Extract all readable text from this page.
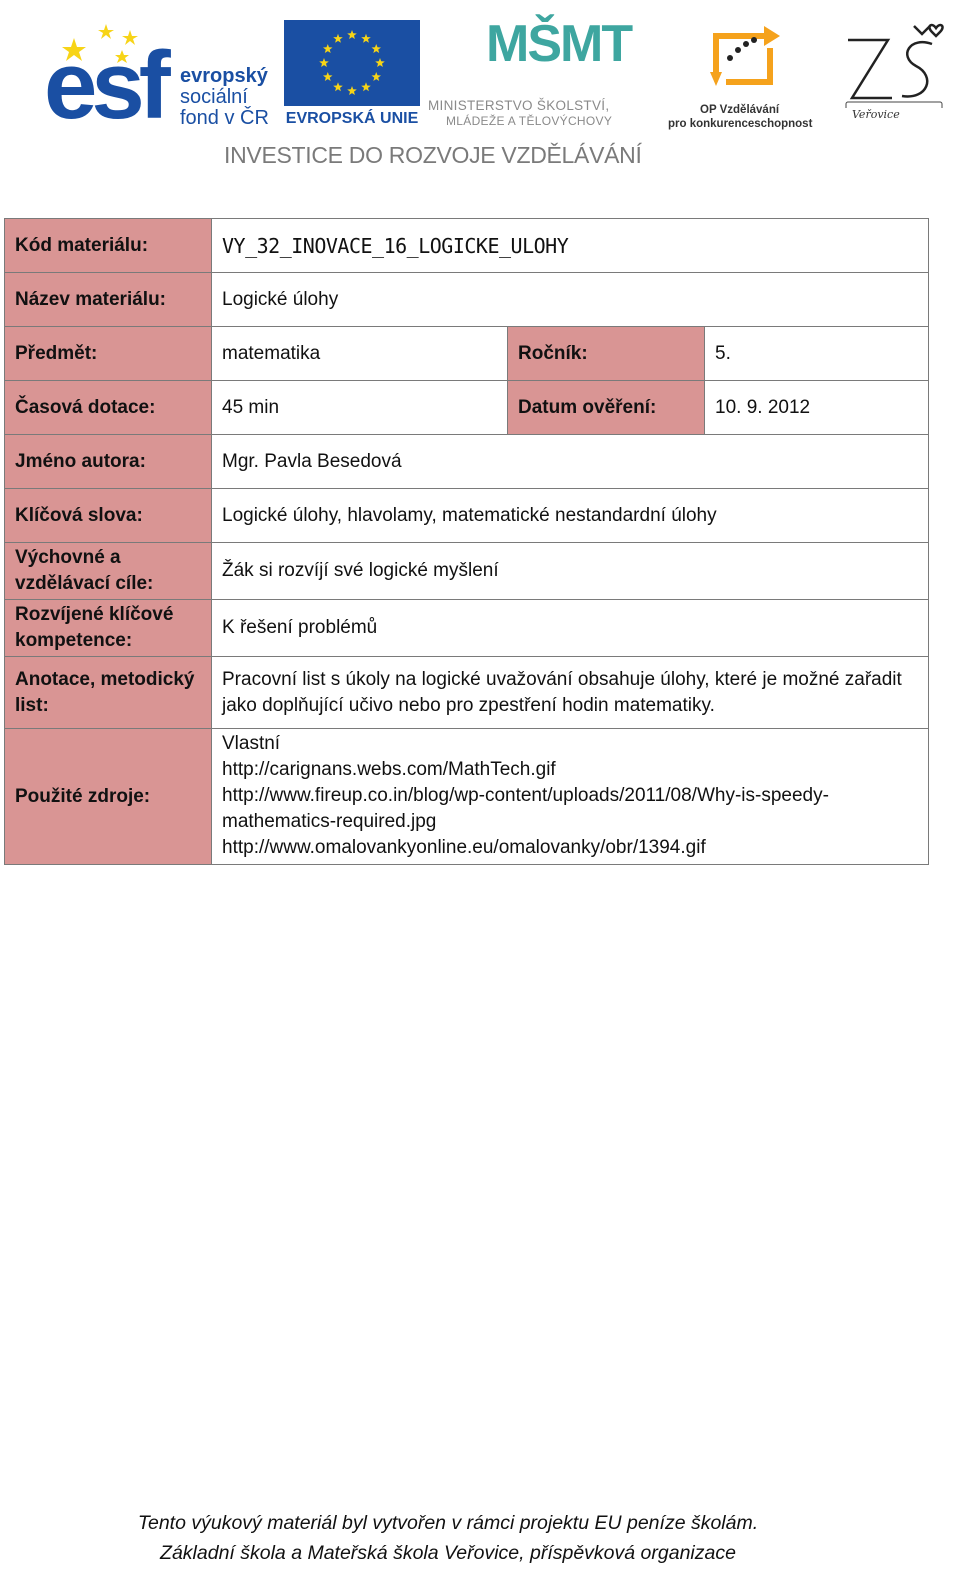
esf evropský
sociální
fond v ČR EVROPSKÁ UNIE
MŠMT
MINISTERSTVO ŠKOLSTVÍ,
MLÁDEŽE A TĚLOVÝCHOVY
OP Vzdělávání
pro konkurenceschopnost
Veřovice
INVESTICE DO ROZVOJE VZDĚLÁVÁNÍ
Kód materiálu:	VY_32_INOVACE_16_LOGICKE_ULOHY		
Název materiálu:	Logické úlohy		
Předmět:	matematika	Ročník:	5.
Časová dotace:	45 min	Datum ověření:	10. 9. 2012
Jméno autora:	Mgr. Pavla Besedová		
Klíčová slova:	Logické úlohy, hlavolamy, matematické nestandardní úlohy		
Výchovné a vzdělávací cíle:	Žák si rozvíjí své logické myšlení		
Rozvíjené klíčové kompetence:	K řešení problémů		
Anotace, metodický list:	Pracovní list s úkoly na logické uvažování obsahuje úlohy, které je možné zařadit jako doplňující učivo nebo pro zpestření hodin matematiky.		
Použité zdroje:	Vlastní
http://carignans.webs.com/MathTech.gif
http://www.fireup.co.in/blog/wp-content/uploads/2011/08/Why-is-speedy-mathematics-required.jpg
http://www.omalovankyonline.eu/omalovanky/obr/1394.gif		
Tento výukový materiál byl vytvořen v rámci projektu EU peníze školám.
Základní škola a Mateřská škola Veřovice, příspěvková organizace
